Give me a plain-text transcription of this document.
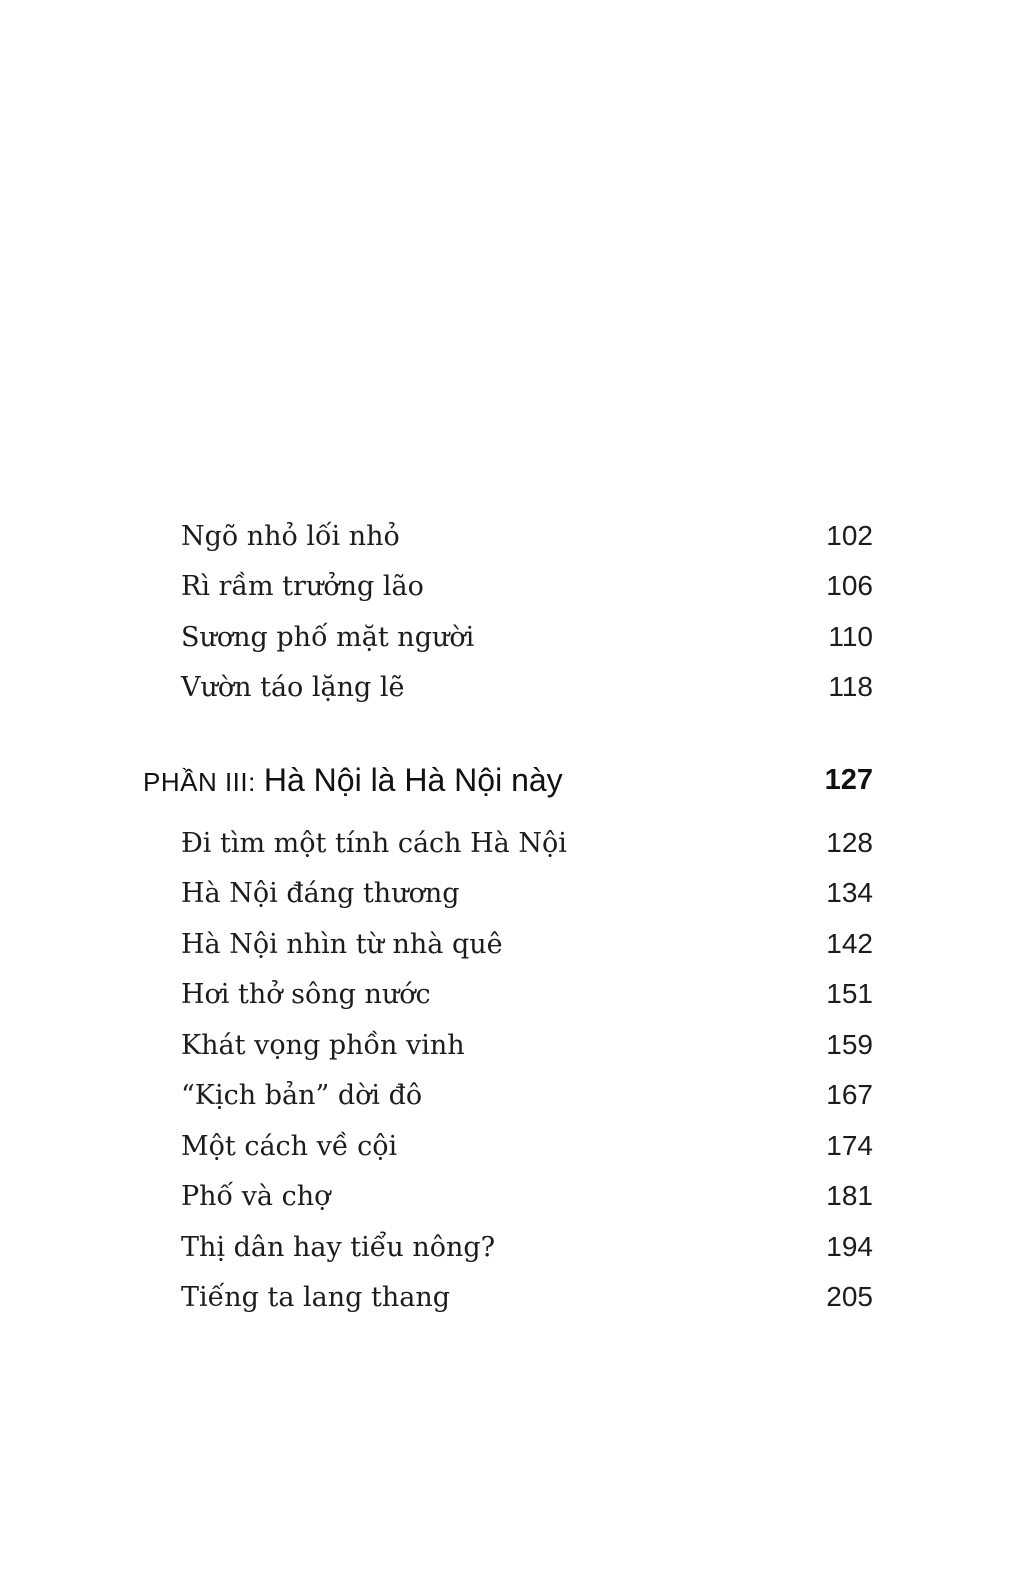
Ngõ nhỏ lối nhỏ	102
Rì rầm trưởng lão	106
Sương phố mặt người	110
Vườn táo lặng lẽ	118
PHẦN III: Hà Nội là Hà Nội này	127
Đi tìm một tính cách Hà Nội	128
Hà Nội đáng thương	134
Hà Nội nhìn từ nhà quê	142
Hơi thở sông nước	151
Khát vọng phồn vinh	159
“Kịch bản” dời đô	167
Một cách về cội	174
Phố và chợ	181
Thị dân hay tiểu nông?	194
Tiếng ta lang thang	205
